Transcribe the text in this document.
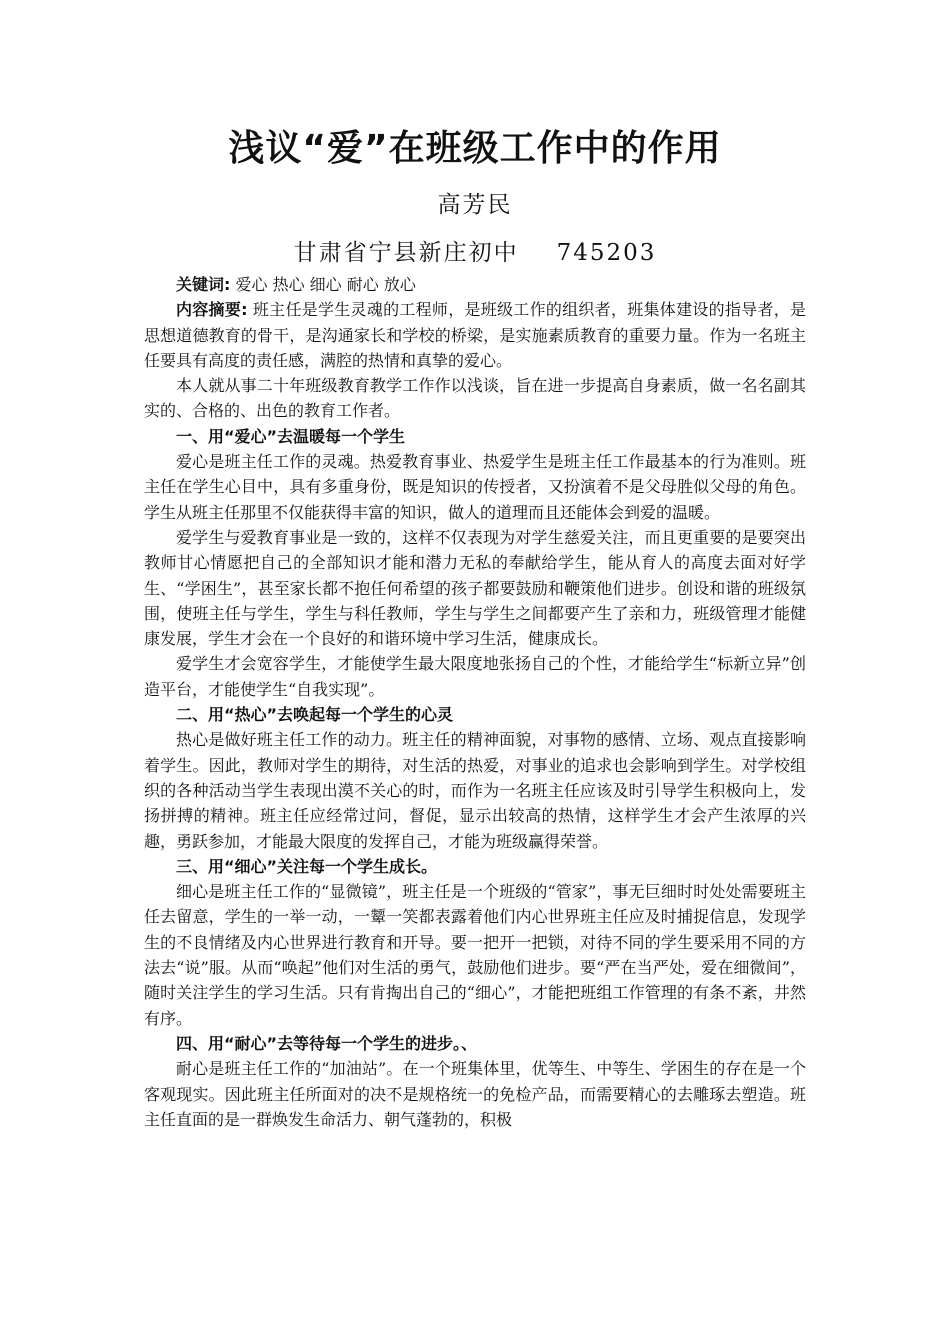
浅议“爱”在班级工作中的作用
高芳民
甘肃省宁县新庄初中 745203

关键词: 爱心 热心 细心 耐心 放心

内容摘要: 班主任是学生灵魂的工程师，是班级工作的组织者，班集体建设的指导者，是思想道德教育的骨干，是沟通家长和学校的桥梁，是实施素质教育的重要力量。作为一名班主任要具有高度的责任感，满腔的热情和真挚的爱心。

本人就从事二十年班级教育教学工作作以浅谈，旨在进一步提高自身素质，做一名名副其实的、合格的、出色的教育工作者。

一、用“爱心”去温暖每一个学生

爱心是班主任工作的灵魂。热爱教育事业、热爱学生是班主任工作最基本的行为准则。班主任在学生心目中，具有多重身份，既是知识的传授者，又扮演着不是父母胜似父母的角色。学生从班主任那里不仅能获得丰富的知识，做人的道理而且还能体会到爱的温暖。

爱学生与爱教育事业是一致的，这样不仅表现为对学生慈爱关注，而且更重要的是要突出教师甘心情愿把自己的全部知识才能和潜力无私的奉献给学生，能从育人的高度去面对好学生、“学困生”，甚至家长都不抱任何希望的孩子都要鼓励和鞭策他们进步。创设和谐的班级氛围，使班主任与学生，学生与科任教师，学生与学生之间都要产生了亲和力，班级管理才能健康发展，学生才会在一个良好的和谐环境中学习生活，健康成长。

爱学生才会宽容学生，才能使学生最大限度地张扬自己的个性，才能给学生“标新立异”创造平台，才能使学生“自我实现”。

二、用“热心”去唤起每一个学生的心灵

热心是做好班主任工作的动力。班主任的精神面貌，对事物的感情、立场、观点直接影响着学生。因此，教师对学生的期待，对生活的热爱，对事业的追求也会影响到学生。对学校组织的各种活动当学生表现出漠不关心的时，而作为一名班主任应该及时引导学生积极向上，发扬拼搏的精神。班主任应经常过问，督促，显示出较高的热情，这样学生才会产生浓厚的兴趣，勇跃参加，才能最大限度的发挥自己，才能为班级赢得荣誉。

三、用“细心”关注每一个学生成长。

细心是班主任工作的“显微镜”，班主任是一个班级的“管家”，事无巨细时时处处需要班主任去留意，学生的一举一动，一颦一笑都表露着他们内心世界班主任应及时捕捉信息，发现学生的不良情绪及内心世界进行教育和开导。要一把开一把锁，对待不同的学生要采用不同的方法去“说”服。从而“唤起”他们对生活的勇气，鼓励他们进步。要“严在当严处，爱在细微间”，随时关注学生的学习生活。只有肯掏出自己的“细心”，才能把班组工作管理的有条不紊，井然有序。

四、用“耐心”去等待每一个学生的进步。、

耐心是班主任工作的“加油站”。在一个班集体里，优等生、中等生、学困生的存在是一个客观现实。因此班主任所面对的决不是规格统一的免检产品，而需要精心的去雕琢去塑造。班主任直面的是一群焕发生命活力、朝气蓬勃的，积极
